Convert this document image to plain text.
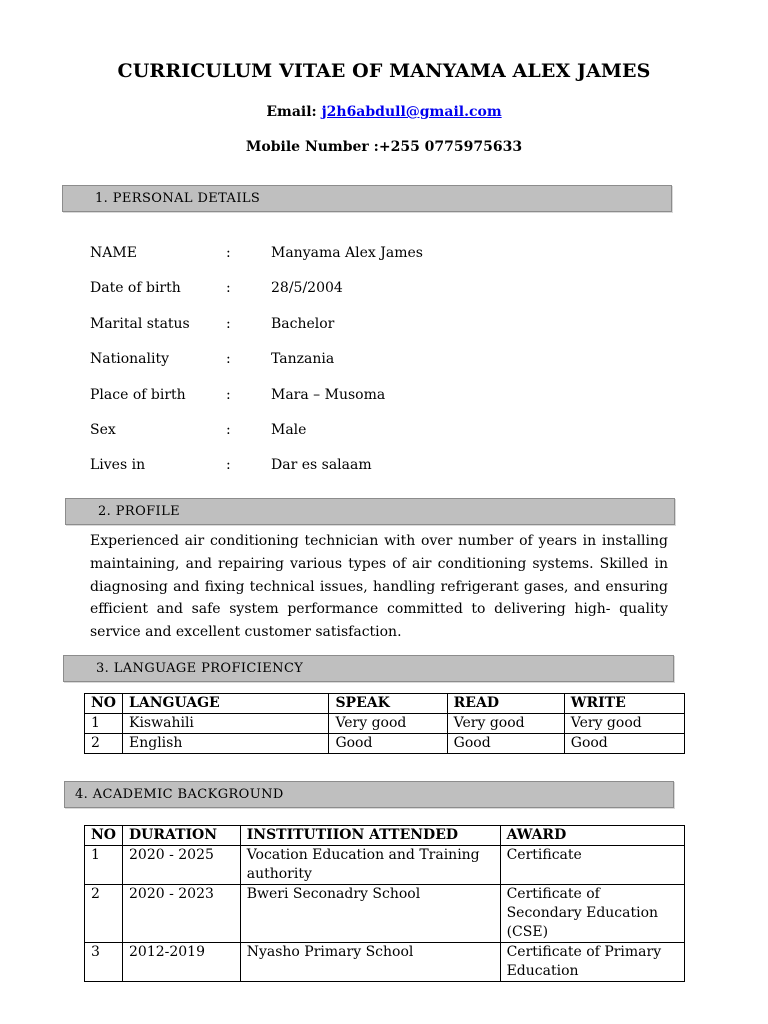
CURRICULUM VITAE OF MANYAMA ALEX JAMES
Email: j2h6abdull@gmail.com
Mobile Number :+255 0775975633
1. PERSONAL DETAILS
NAME	:	Manyama Alex James
Date of birth	:	28/5/2004
Marital status	:	Bachelor
Nationality	:	Tanzania
Place of birth	:	Mara – Musoma
Sex	:	Male
Lives in	:	Dar es salaam
2. PROFILE
Experienced air conditioning technician with over number of years in installing maintaining, and repairing various types of air conditioning systems. Skilled in diagnosing and fixing technical issues, handling refrigerant gases, and ensuring efficient and safe system performance committed to delivering high- quality service and excellent customer satisfaction.
3. LANGUAGE PROFICIENCY
NO	LANGUAGE	SPEAK	READ	WRITE
1	Kiswahili	Very good	Very good	Very good
2	English	Good	Good	Good
4. ACADEMIC BACKGROUND
NO	DURATION	INSTITUTIION ATTENDED	AWARD
1	2020 - 2025	Vocation Education and Training authority	Certificate
2	2020 - 2023	Bweri Seconadry School	Certificate of Secondary Education (CSE)
3	2012-2019	Nyasho Primary School	Certificate of Primary Education
